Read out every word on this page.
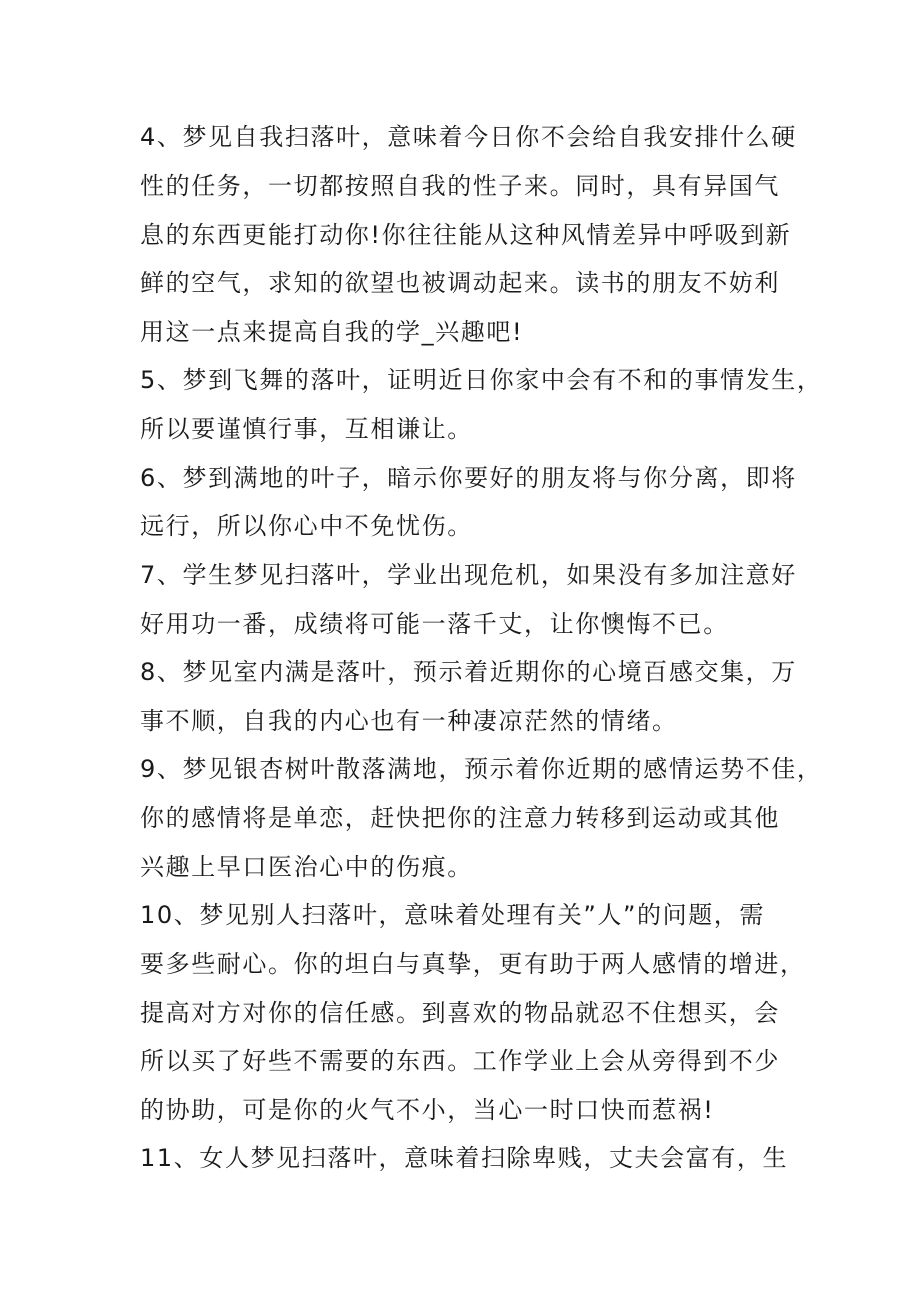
4、梦见自我扫落叶，意味着今日你不会给自我安排什么硬
性的任务，一切都按照自我的性子来。同时，具有异国气
息的东西更能打动你!你往往能从这种风情差异中呼吸到新
鲜的空气，求知的欲望也被调动起来。读书的朋友不妨利
用这一点来提高自我的学_兴趣吧!
5、梦到飞舞的落叶，证明近日你家中会有不和的事情发生，
所以要谨慎行事，互相谦让。
6、梦到满地的叶子，暗示你要好的朋友将与你分离，即将
远行，所以你心中不免忧伤。
7、学生梦见扫落叶，学业出现危机，如果没有多加注意好
好用功一番，成绩将可能一落千丈，让你懊悔不已。
8、梦见室内满是落叶，预示着近期你的心境百感交集，万
事不顺，自我的内心也有一种凄凉茫然的情绪。
9、梦见银杏树叶散落满地，预示着你近期的感情运势不佳，
你的感情将是单恋，赶快把你的注意力转移到运动或其他
兴趣上早口医治心中的伤痕。
10、梦见别人扫落叶，意味着处理有关”人”的问题，需
要多些耐心。你的坦白与真挚，更有助于两人感情的增进，
提高对方对你的信任感。到喜欢的物品就忍不住想买，会
所以买了好些不需要的东西。工作学业上会从旁得到不少
的协助，可是你的火气不小，当心一时口快而惹祸!
11、女人梦见扫落叶，意味着扫除卑贱，丈夫会富有，生
